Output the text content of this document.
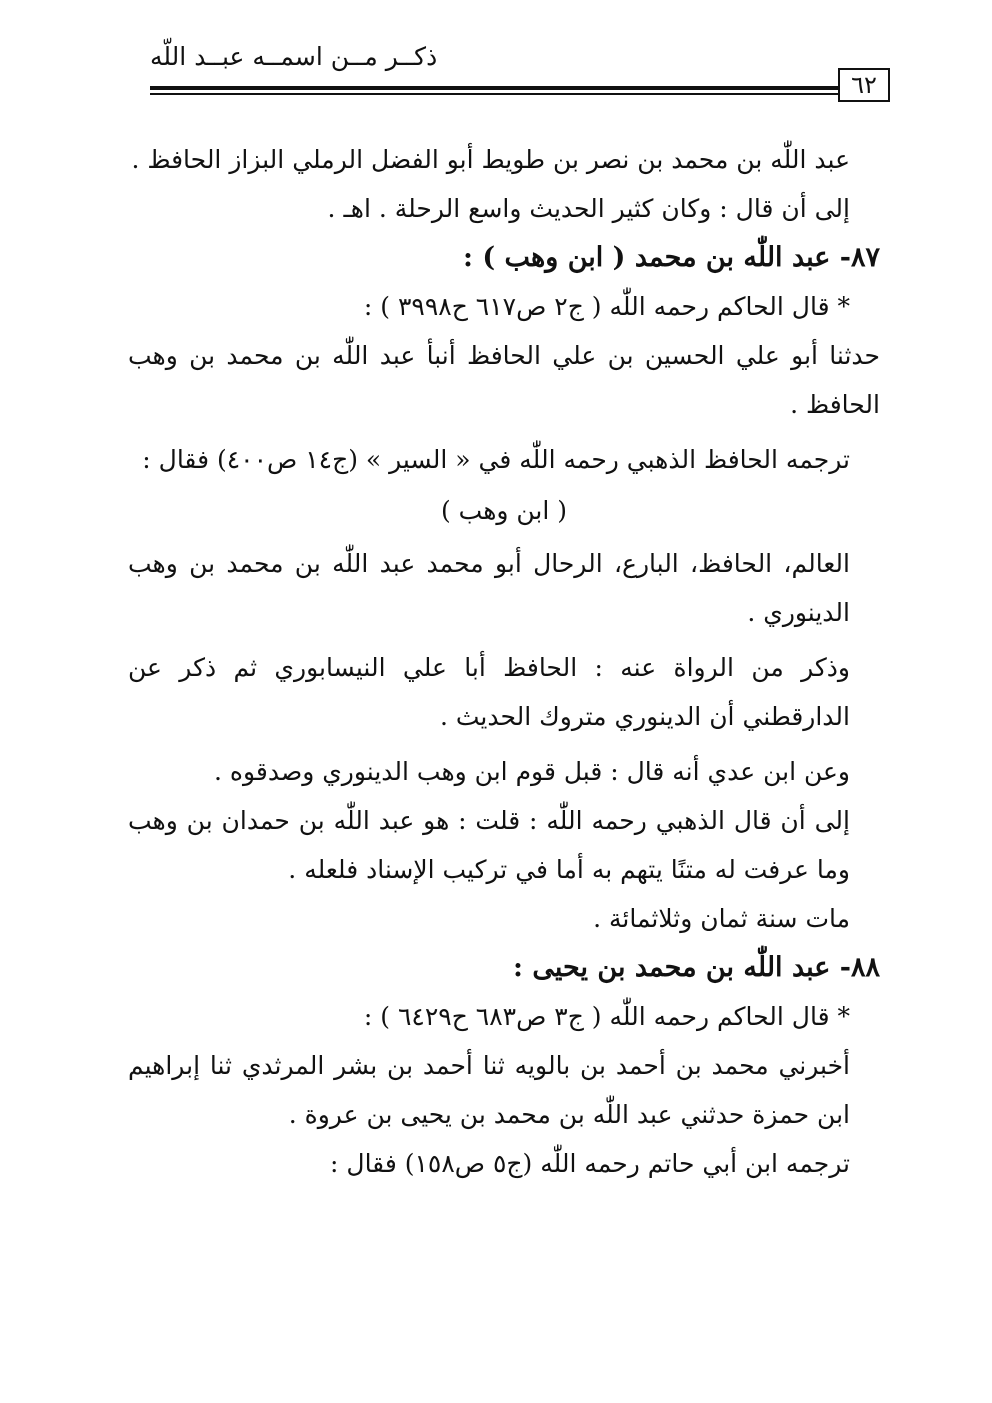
ذكــر مــن اسمــه عبــد اللّه
٦٢

عبد اللّٰه بن محمد بن نصر بن طويط أبو الفضل الرملي البزاز الحافظ .

إلى أن قال : وكان كثير الحديث واسع الرحلة . اهـ .

٨٧- عبد اللّٰه بن محمد ( ابن وهب ) :

* قال الحاكم رحمه اللّٰه ( ج٢ ص٦١٧ ح٣٩٩٨ ) :

حدثنا أبو علي الحسين بن علي الحافظ أنبأ عبد اللّٰه بن محمد بن وهب الحافظ .

ترجمه الحافظ الذهبي رحمه اللّٰه في « السير » (ج١٤ ص٤٠٠) فقال :

( ابن وهب )

العالم، الحافظ، البارع، الرحال أبو محمد عبد اللّٰه بن محمد بن وهب الدينوري .

وذكر من الرواة عنه : الحافظ أبا علي النيسابوري ثم ذكر عن الدارقطني أن الدينوري متروك الحديث .

وعن ابن عدي أنه قال : قبل قوم ابن وهب الدينوري وصدقوه .

إلى أن قال الذهبي رحمه اللّٰه : قلت : هو عبد اللّٰه بن حمدان بن وهب وما عرفت له متنًا يتهم به أما في تركيب الإسناد فلعله .

مات سنة ثمان وثلاثمائة .

٨٨- عبد اللّٰه بن محمد بن يحيى :

* قال الحاكم رحمه اللّٰه ( ج٣ ص٦٨٣ ح٦٤٢٩ ) :

أخبرني محمد بن أحمد بن بالويه ثنا أحمد بن بشر المرثدي ثنا إبراهيم ابن حمزة حدثني عبد اللّٰه بن محمد بن يحيى بن عروة .

ترجمه ابن أبي حاتم رحمه اللّٰه (ج٥ ص١٥٨) فقال :
